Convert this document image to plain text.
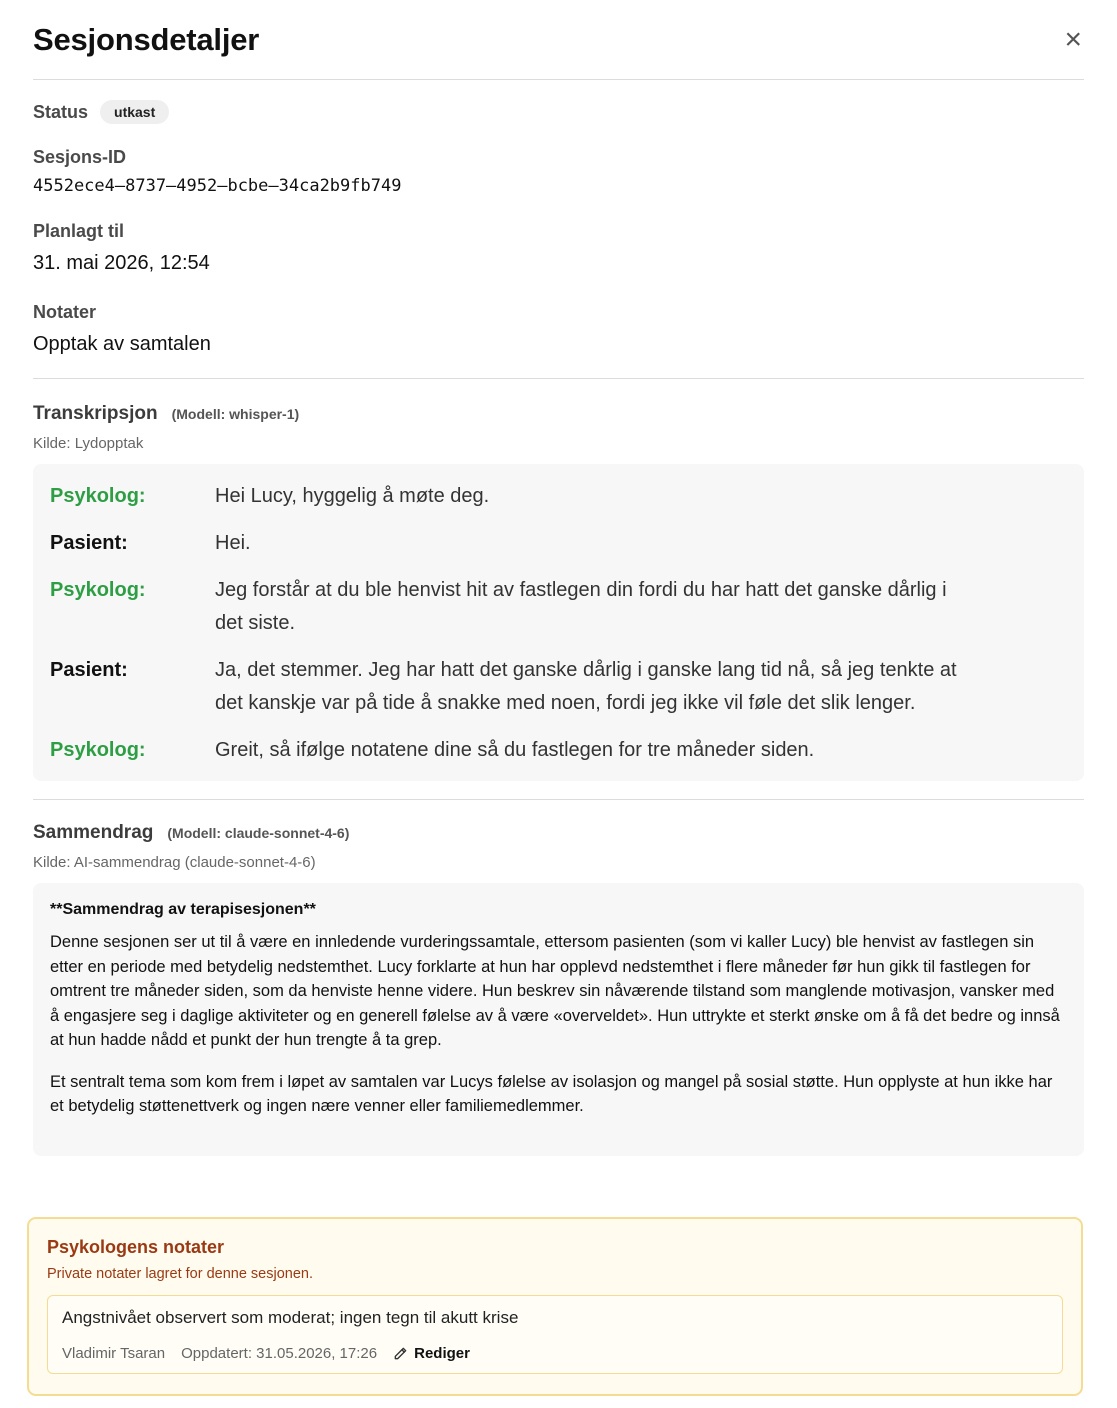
Sesjonsdetaljer	×
Status	utkast
Sesjons-ID
4552ece4–8737–4952–bcbe–34ca2b9fb749
Planlagt til
31. mai 2026, 12:54
Notater
Opptak av samtalen
Transkripsjon (Modell: whisper-1)
Kilde: Lydopptak
Psykolog:	Hei Lucy, hyggelig å møte deg.
Pasient:	Hei.
Psykolog:	Jeg forstår at du ble henvist hit av fastlegen din fordi du har hatt det ganske dårlig i det siste.
Pasient:	Ja, det stemmer. Jeg har hatt det ganske dårlig i ganske lang tid nå, så jeg tenkte at det kanskje var på tide å snakke med noen, fordi jeg ikke vil føle det slik lenger.
Psykolog:	Greit, så ifølge notatene dine så du fastlegen for tre måneder siden.
Sammendrag (Modell: claude-sonnet-4-6)
Kilde: AI-sammendrag (claude-sonnet-4-6)
**Sammendrag av terapisesjonen**

Denne sesjonen ser ut til å være en innledende vurderingssamtale, ettersom pasienten (som vi kaller Lucy) ble henvist av fastlegen sin etter en periode med betydelig nedstemthet. Lucy forklarte at hun har opplevd nedstemthet i flere måneder før hun gikk til fastlegen for omtrent tre måneder siden, som da henviste henne videre. Hun beskrev sin nåværende tilstand som manglende motivasjon, vansker med å engasjere seg i daglige aktiviteter og en generell følelse av å være «overveldet». Hun uttrykte et sterkt ønske om å få det bedre og innså at hun hadde nådd et punkt der hun trengte å ta grep.

Et sentralt tema som kom frem i løpet av samtalen var Lucys følelse av isolasjon og mangel på sosial støtte. Hun opplyste at hun ikke har et betydelig støttenettverk og ingen nære venner eller familiemedlemmer.

Psykologens notater
Private notater lagret for denne sesjonen.
Angstnivået observert som moderat; ingen tegn til akutt krise
Vladimir Tsaran Oppdatert: 31.05.2026, 17:26 Rediger
